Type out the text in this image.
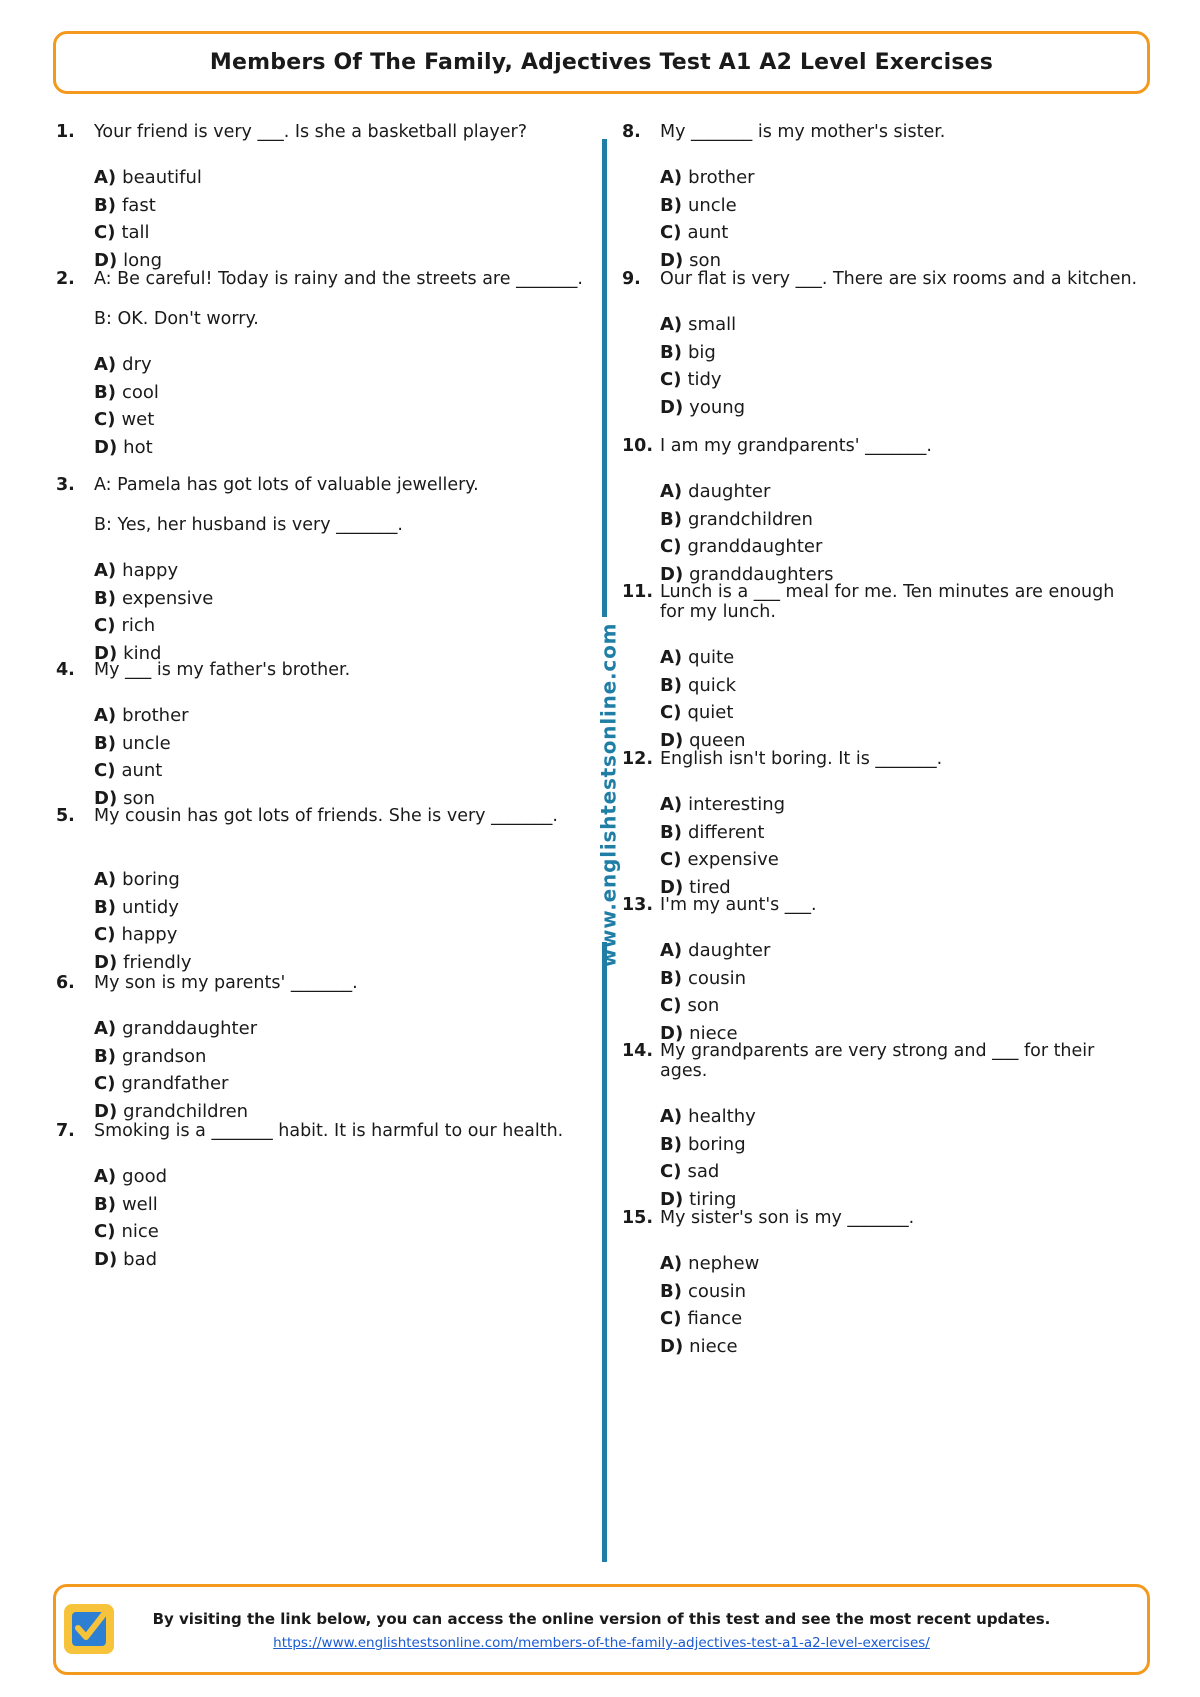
Members Of The Family, Adjectives Test A1 A2 Level Exercises
1.	Your friend is very ___. Is she a basketball player?

A) beautiful
B) fast
C) tall
D) long
2.	A: Be careful! Today is rainy and the streets are _______.

B: OK. Don't worry.

A) dry
B) cool
C) wet
D) hot
3.	A: Pamela has got lots of valuable jewellery.

B: Yes, her husband is very _______.

A) happy
B) expensive
C) rich
D) kind
4.	My ___ is my father's brother.

A) brother
B) uncle
C) aunt
D) son
5.	My cousin has got lots of friends. She is very _______.

A) boring
B) untidy
C) happy
D) friendly
6.	My son is my parents' _______.

A) granddaughter
B) grandson
C) grandfather
D) grandchildren
7.	Smoking is a _______ habit. It is harmful to our health.

A) good
B) well
C) nice
D) bad
8.	My _______ is my mother's sister.

A) brother
B) uncle
C) aunt
D) son
9.	Our flat is very ___. There are six rooms and a kitchen.

A) small
B) big
C) tidy
D) young
10. I am my grandparents' _______.

A) daughter
B) grandchildren
C) granddaughter
D) granddaughters
11. Lunch is a ___ meal for me. Ten minutes are enough for my lunch.

A) quite
B) quick
C) quiet
D) queen
12. English isn't boring. It is _______.

A) interesting
B) different
C) expensive
D) tired
13. I'm my aunt's ___.

A) daughter
B) cousin
C) son
D) niece
14. My grandparents are very strong and ___ for their ages.

A) healthy
B) boring
C) sad
D) tiring
15. My sister's son is my _______.

A) nephew
B) cousin
C) fiance
D) niece
www.englishtestsonline.com
By visiting the link below, you can access the online version of this test and see the most recent updates.
https://www.englishtestsonline.com/members-of-the-family-adjectives-test-a1-a2-level-exercises/
